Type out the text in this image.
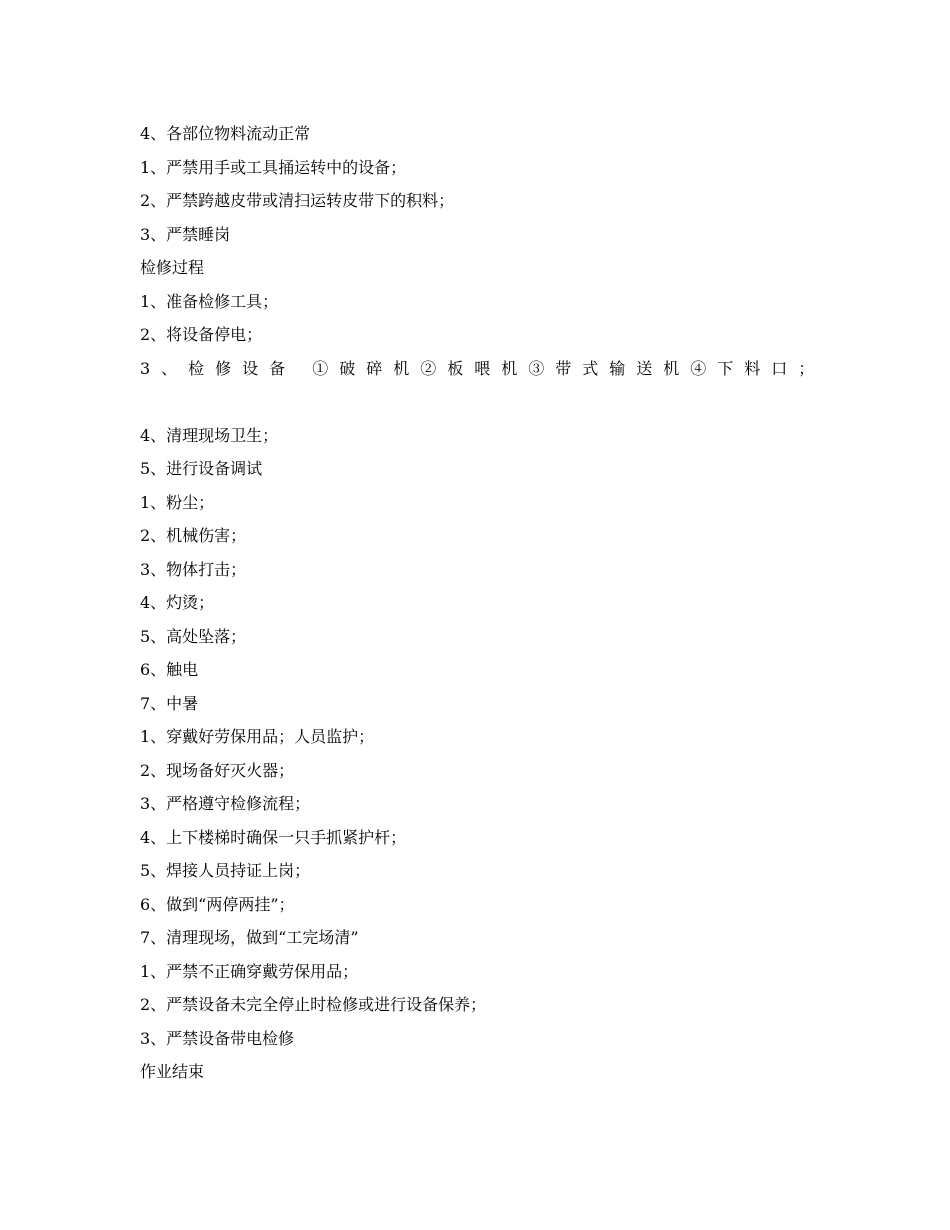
4、各部位物料流动正常
1、严禁用手或工具捅运转中的设备；
2、严禁跨越皮带或清扫运转皮带下的积料；
3、严禁睡岗
检修过程
1、准备检修工具；
2、将设备停电；
3、检修设备 ①破碎机②板喂机③带式输送机④下料口；
4、清理现场卫生；
5、进行设备调试
1、粉尘；
2、机械伤害；
3、物体打击；
4、灼烫；
5、高处坠落；
6、触电
7、中暑
1、穿戴好劳保用品；人员监护；
2、现场备好灭火器；
3、严格遵守检修流程；
4、上下楼梯时确保一只手抓紧护杆；
5、焊接人员持证上岗；
6、做到“两停两挂”；
7、清理现场，做到“工完场清”
1、严禁不正确穿戴劳保用品；
2、严禁设备未完全停止时检修或进行设备保养；
3、严禁设备带电检修
作业结束
